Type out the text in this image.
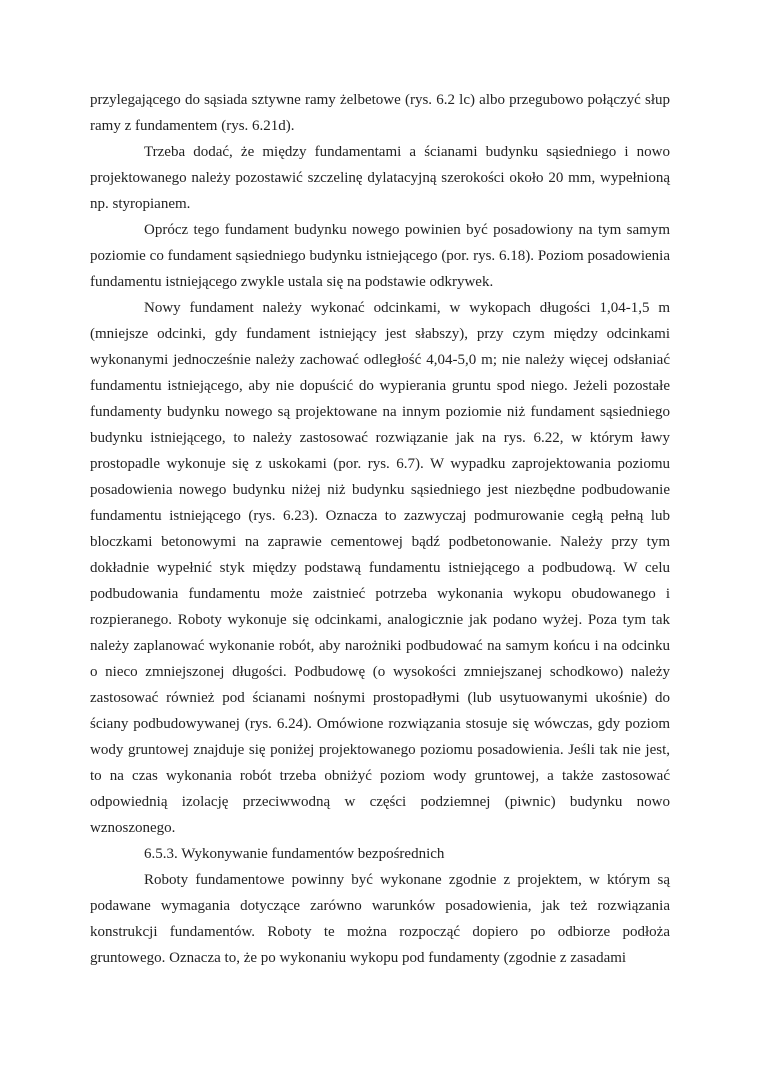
przylegającego do sąsiada sztywne ramy żelbetowe (rys. 6.2 lc) albo przegubowo połączyć słup ramy z fundamentem (rys. 6.21d).

Trzeba dodać, że między fundamentami a ścianami budynku sąsiedniego i nowo projektowanego należy pozostawić szczelinę dylatacyjną szerokości około 20 mm, wypełnioną np. styropianem.

Oprócz tego fundament budynku nowego powinien być posadowiony na tym samym poziomie co fundament sąsiedniego budynku istniejącego (por. rys. 6.18). Poziom posadowienia fundamentu istniejącego zwykle ustala się na podstawie odkrywek.

Nowy fundament należy wykonać odcinkami, w wykopach długości 1,04-1,5 m (mniejsze odcinki, gdy fundament istniejący jest słabszy), przy czym między odcinkami wykonanymi jednocześnie należy zachować odległość 4,04-5,0 m; nie należy więcej odsłaniać fundamentu istniejącego, aby nie dopuścić do wypierania gruntu spod niego. Jeżeli pozostałe fundamenty budynku nowego są projektowane na innym poziomie niż fundament sąsiedniego budynku istniejącego, to należy zastosować rozwiązanie jak na rys. 6.22, w którym ławy prostopadle wykonuje się z uskokami (por. rys. 6.7). W wypadku zaprojektowania poziomu posadowienia nowego budynku niżej niż budynku sąsiedniego jest niezbędne podbudowanie fundamentu istniejącego (rys. 6.23). Oznacza to zazwyczaj podmurowanie cegłą pełną lub bloczkami betonowymi na zaprawie cementowej bądź podbetonowanie. Należy przy tym dokładnie wypełnić styk między podstawą fundamentu istniejącego a podbudową. W celu podbudowania fundamentu może zaistnieć potrzeba wykonania wykopu obudowanego i rozpieranego. Roboty wykonuje się odcinkami, analogicznie jak podano wyżej. Poza tym tak należy zaplanować wykonanie robót, aby narożniki podbudować na samym końcu i na odcinku o nieco zmniejszonej długości. Podbudowę (o wysokości zmniejszanej schodkowo) należy zastosować również pod ścianami nośnymi prostopadłymi (lub usytuowanymi ukośnie) do ściany podbudowywanej (rys. 6.24). Omówione rozwiązania stosuje się wówczas, gdy poziom wody gruntowej znajduje się poniżej projektowanego poziomu posadowienia. Jeśli tak nie jest, to na czas wykonania robót trzeba obniżyć poziom wody gruntowej, a także zastosować odpowiednią izolację przeciwwodną w części podziemnej (piwnic) budynku nowo wznoszonego.

6.5.3. Wykonywanie fundamentów bezpośrednich

Roboty fundamentowe powinny być wykonane zgodnie z projektem, w którym są podawane wymagania dotyczące zarówno warunków posadowienia, jak też rozwiązania konstrukcji fundamentów. Roboty te można rozpocząć dopiero po odbiorze podłoża gruntowego. Oznacza to, że po wykonaniu wykopu pod fundamenty (zgodnie z zasadami
